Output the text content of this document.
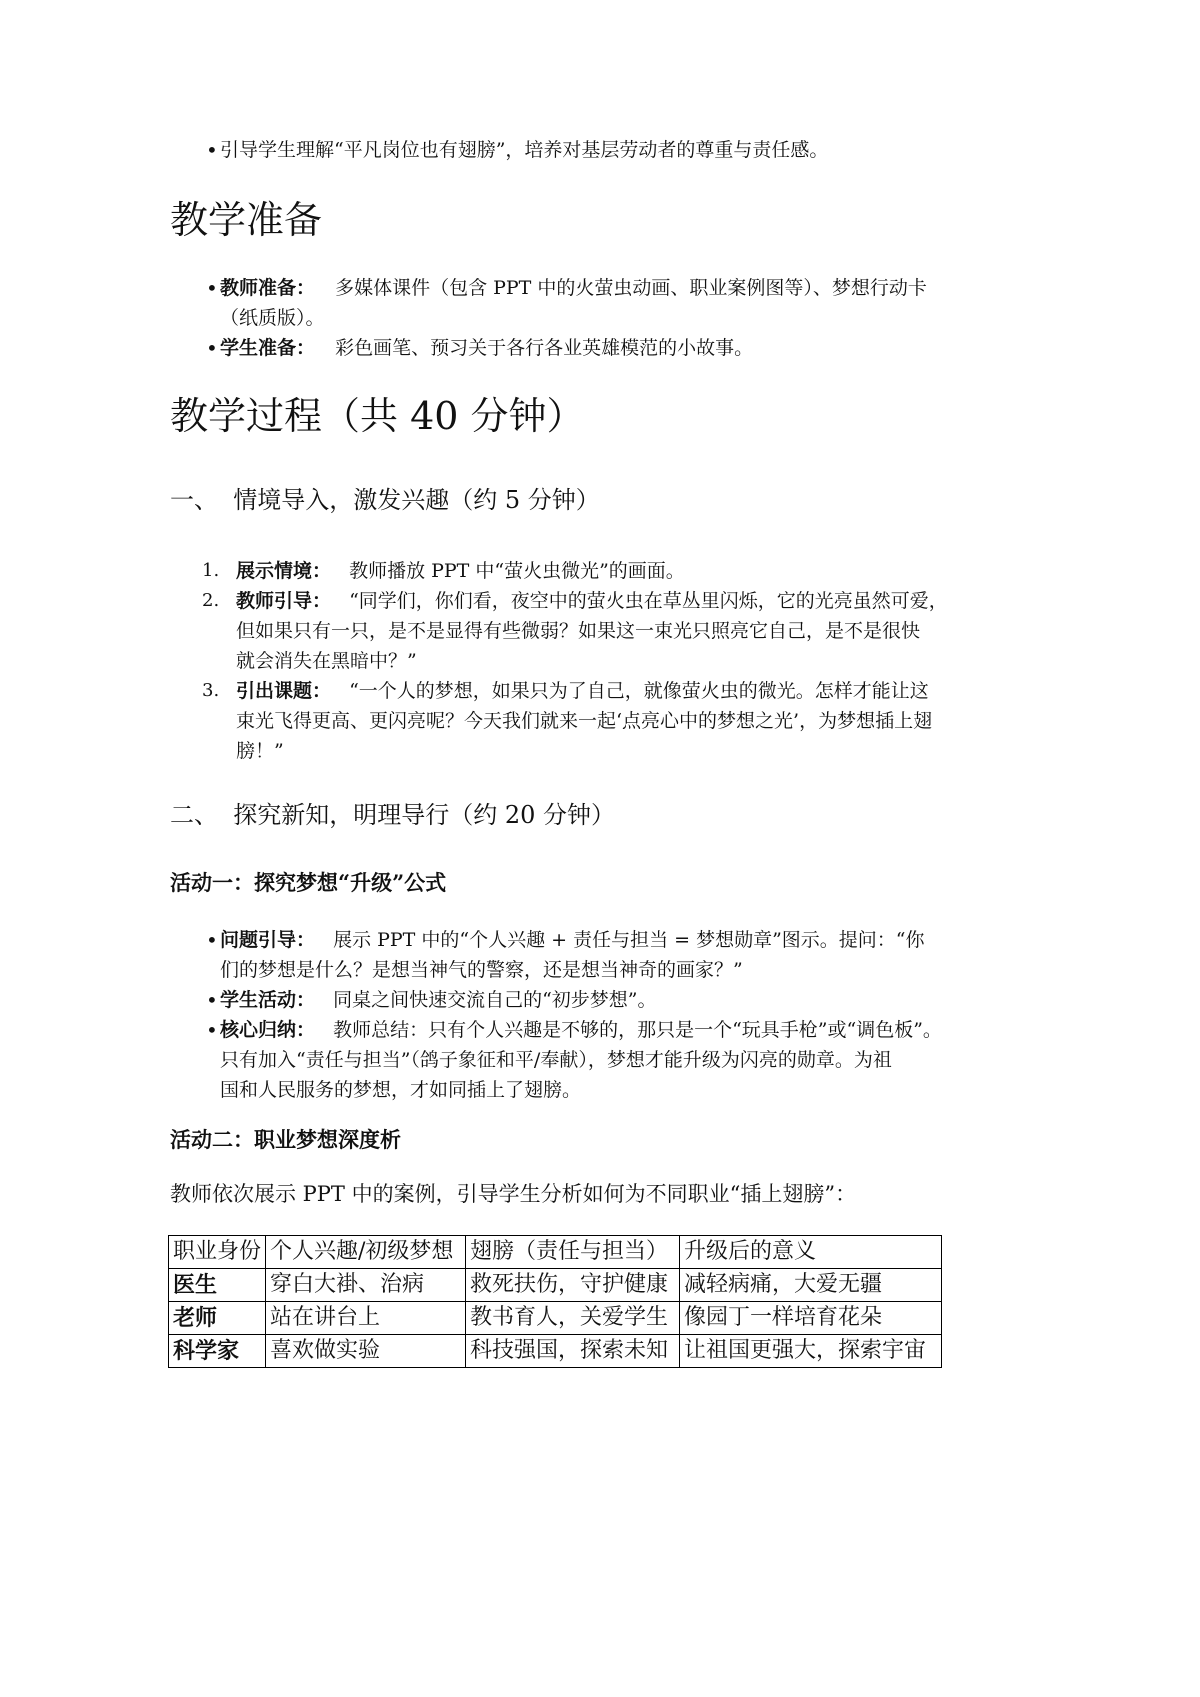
• 引导学生理解“平凡岗位也有翅膀”，培养对基层劳动者的尊重与责任感。
教学准备
• 教师准备： 多媒体课件（包含 PPT 中的火萤虫动画、职业案例图等）、梦想行动卡
（纸质版）。
• 学生准备： 彩色画笔、预习关于各行各业英雄模范的小故事。
教学过程（共 40 分钟）
一、  情境导入，激发兴趣（约 5 分钟）
1. 展示情境： 教师播放 PPT 中“萤火虫微光”的画面。
2. 教师引导： “同学们，你们看，夜空中的萤火虫在草丛里闪烁，它的光亮虽然可爱，
但如果只有一只，是不是显得有些微弱？如果这一束光只照亮它自己，是不是很快
就会消失在黑暗中？”
3. 引出课题： “一个人的梦想，如果只为了自己，就像萤火虫的微光。怎样才能让这
束光飞得更高、更闪亮呢？今天我们就来一起‘点亮心中的梦想之光’，为梦想插上翅
膀！”
二、  探究新知，明理导行（约 20 分钟）
活动一：探究梦想“升级”公式
• 问题引导： 展示 PPT 中的“个人兴趣 + 责任与担当 = 梦想勋章”图示。提问：“你
们的梦想是什么？是想当神气的警察，还是想当神奇的画家？”
• 学生活动： 同桌之间快速交流自己的“初步梦想”。
• 核心归纳： 教师总结：只有个人兴趣是不够的，那只是一个“玩具手枪”或“调色板”。
只有加入“责任与担当”（鸽子象征和平/奉献），梦想才能升级为闪亮的勋章。为祖
国和人民服务的梦想，才如同插上了翅膀。
活动二：职业梦想深度析
教师依次展示 PPT 中的案例，引导学生分析如何为不同职业“插上翅膀”：
职业身份	个人兴趣/初级梦想	翅膀（责任与担当）	升级后的意义
医生	穿白大褂、治病	救死扶伤，守护健康	减轻病痛，大爱无疆
老师	站在讲台上	教书育人，关爱学生	像园丁一样培育花朵
科学家	喜欢做实验	科技强国，探索未知	让祖国更强大，探索宇宙
